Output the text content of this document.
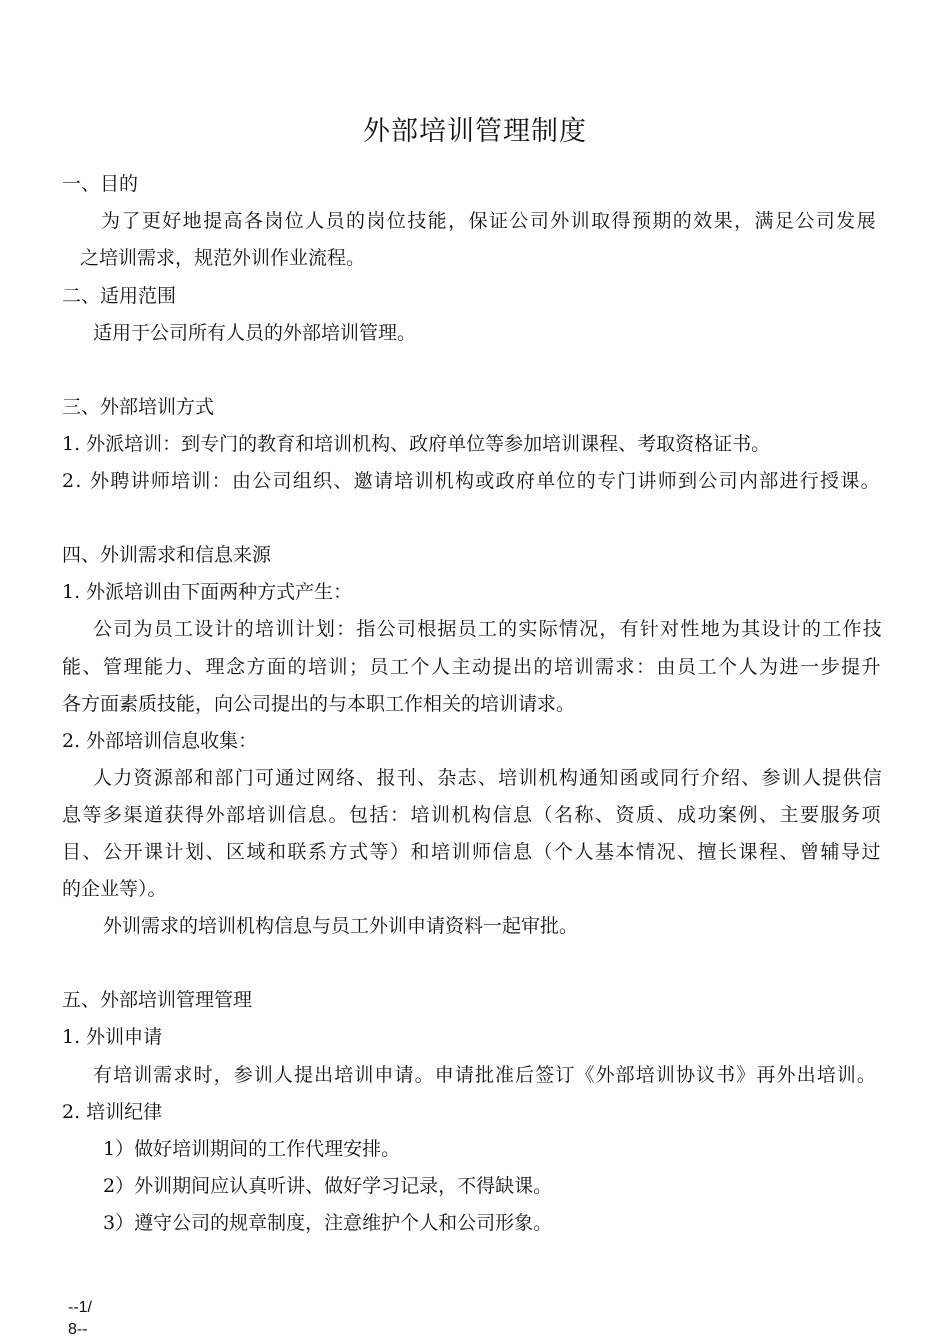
外部培训管理制度
一、目的
为了更好地提高各岗位人员的岗位技能，保证公司外训取得预期的效果，满足公司发展
之培训需求，规范外训作业流程。
二、适用范围
适用于公司所有人员的外部培训管理。
三、外部培训方式
1. 外派培训：到专门的教育和培训机构、政府单位等参加培训课程、考取资格证书。
2. 外聘讲师培训：由公司组织、邀请培训机构或政府单位的专门讲师到公司内部进行授课。
四、外训需求和信息来源
1. 外派培训由下面两种方式产生：
公司为员工设计的培训计划：指公司根据员工的实际情况，有针对性地为其设计的工作技
能、管理能力、理念方面的培训；员工个人主动提出的培训需求：由员工个人为进一步提升
各方面素质技能，向公司提出的与本职工作相关的培训请求。
2. 外部培训信息收集：
人力资源部和部门可通过网络、报刊、杂志、培训机构通知函或同行介绍、参训人提供信
息等多渠道获得外部培训信息。包括：培训机构信息（名称、资质、成功案例、主要服务项
目、公开课计划、区域和联系方式等）和培训师信息（个人基本情况、擅长课程、曾辅导过
的企业等）。
外训需求的培训机构信息与员工外训申请资料一起审批。
五、外部培训管理管理
1. 外训申请
有培训需求时，参训人提出培训申请。申请批准后签订《外部培训协议书》再外出培训。
2. 培训纪律
1）做好培训期间的工作代理安排。
2）外训期间应认真听讲、做好学习记录，不得缺课。
3）遵守公司的规章制度，注意维护个人和公司形象。
--1/
8--
